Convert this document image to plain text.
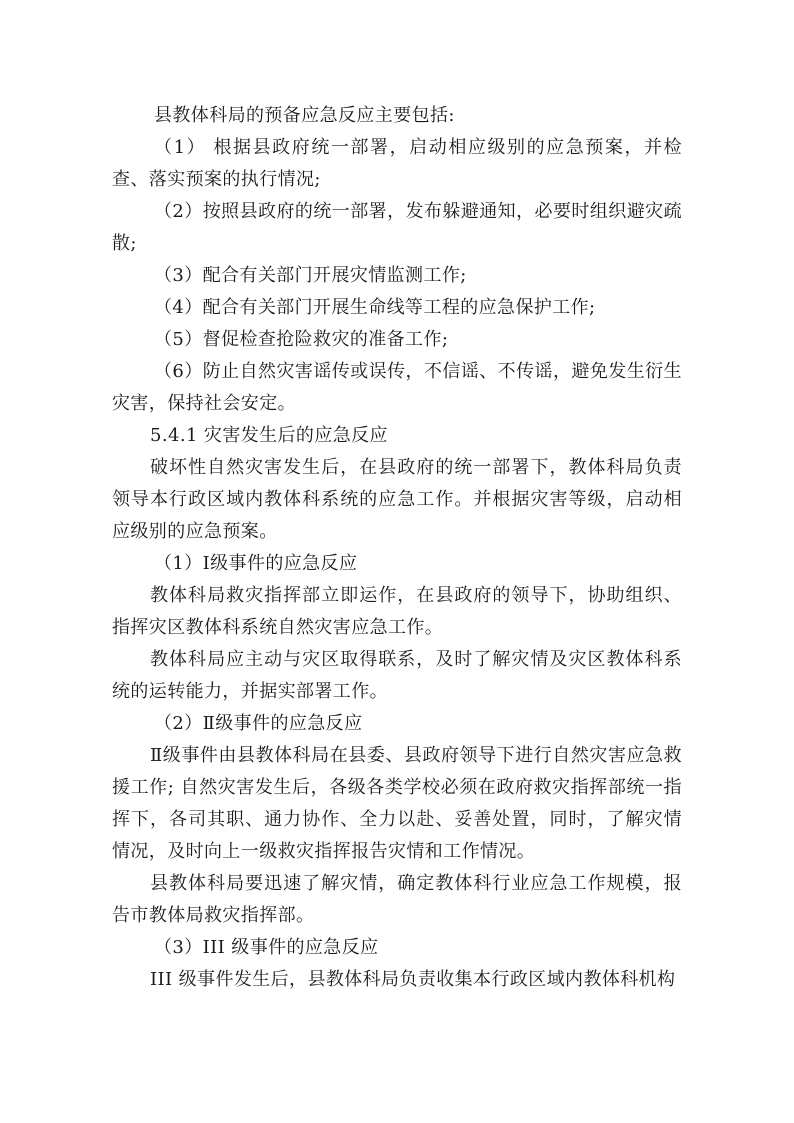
县教体科局的预备应急反应主要包括:

（1） 根据县政府统一部署，启动相应级别的应急预案，并检查、落实预案的执行情况;

（2）按照县政府的统一部署，发布躲避通知，必要时组织避灾疏散;

（3）配合有关部门开展灾情监测工作;

（4）配合有关部门开展生命线等工程的应急保护工作;

（5）督促检查抢险救灾的准备工作;

（6）防止自然灾害谣传或误传，不信谣、不传谣，避免发生衍生灾害，保持社会安定。

5.4.1 灾害发生后的应急反应

破坏性自然灾害发生后，在县政府的统一部署下，教体科局负责领导本行政区域内教体科系统的应急工作。并根据灾害等级，启动相应级别的应急预案。

（1）Ⅰ级事件的应急反应

教体科局救灾指挥部立即运作，在县政府的领导下，协助组织、指挥灾区教体科系统自然灾害应急工作。

教体科局应主动与灾区取得联系，及时了解灾情及灾区教体科系统的运转能力，并据实部署工作。

（2）Ⅱ级事件的应急反应

Ⅱ级事件由县教体科局在县委、县政府领导下进行自然灾害应急救援工作; 自然灾害发生后，各级各类学校必须在政府救灾指挥部统一指挥下，各司其职、通力协作、全力以赴、妥善处置，同时，了解灾情情况，及时向上一级救灾指挥报告灾情和工作情况。

县教体科局要迅速了解灾情，确定教体科行业应急工作规模，报告市教体局救灾指挥部。

（3）III 级事件的应急反应

III 级事件发生后，县教体科局负责收集本行政区域内教体科机构
